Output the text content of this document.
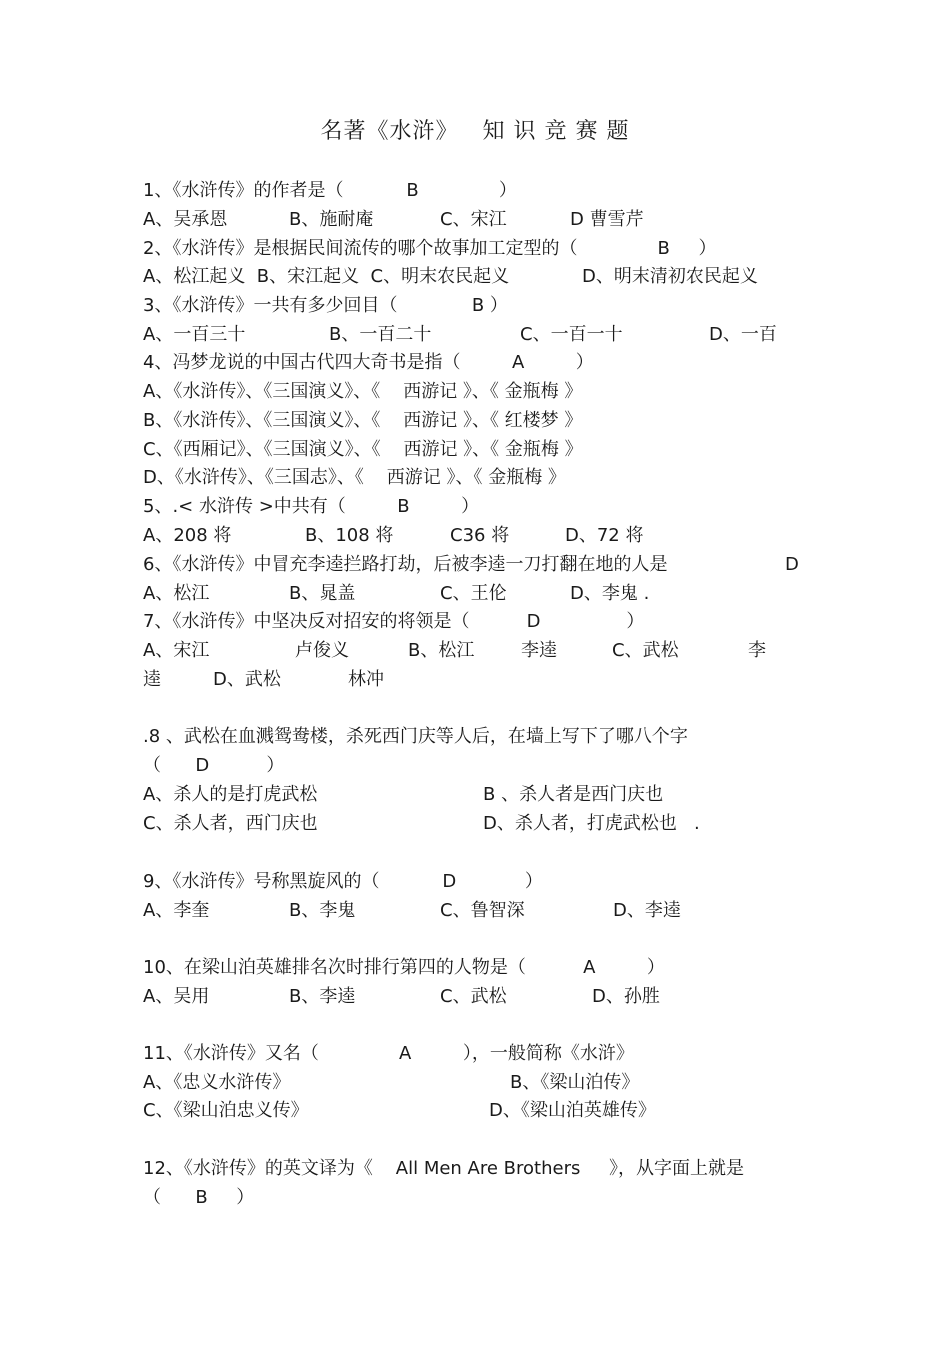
名著《水浒》   知 识 竞 赛 题
1、《水浒传》的作者是（           B              ）

A、吴承恩

	B、施耐庵

	C、宋江

	D 曹雪芹

2、《水浒传》是根据民间流传的哪个故事加工定型的（              B     ）

A、松江起义  B、宋江起义  C、明末农民起义

	D、明末清初农民起义

3、《水浒传》一共有多少回目（             B ）

A、一百三十

	B、一百二十

	C、一百一十

	D、一百

4、冯梦龙说的中国古代四大奇书是指（         A         ）
A、《水浒传》、《三国演义》、《    西游记 》、《 金瓶梅 》
B、《水浒传》、《三国演义》、《    西游记 》、《 红楼梦 》
C、《西厢记》、《三国演义》、《    西游记 》、《 金瓶梅 》
D、《水浒传》、《三国志》、《    西游记 》、《 金瓶梅 》
5、.< 水浒传 >中共有（         B         ）

A、208 将

	B、108 将

	C36 将

	D、72 将

6、《水浒传》中冒充李逵拦路打劫，后被李逵一刀打翻在地的人是

	D

A、松江

	B、晁盖

	C、王伦

	D、李鬼 .

7、《水浒传》中坚决反对招安的将领是（          D               ）

A、宋江

	卢俊义

	B、松江

	李逵

	C、武松

	李

逵

	D、武松

	林冲

.8 、武松在血溅鸳鸯楼，杀死西门庆等人后，在墙上写下了哪八个字
（      D          ）

A、杀人的是打虎武松

	B 、杀人者是西门庆也

C、杀人者，西门庆也

	D、杀人者，打虎武松也   .

9、《水浒传》号称黑旋风的（           D            ）

A、李奎

	B、李鬼

	C、鲁智深

	D、李逵

10、在梁山泊英雄排名次时排行第四的人物是（          A         ）

A、吴用

	B、李逵

	C、武松

	D、孙胜

11、《水浒传》又名（              A         ），一般简称《水浒》

A、《忠义水浒传》

	B、《梁山泊传》

C、《梁山泊忠义传》

	D、《梁山泊英雄传》

12、《水浒传》的英文译为《    All Men Are Brothers     》，从字面上就是
（      B     ）
